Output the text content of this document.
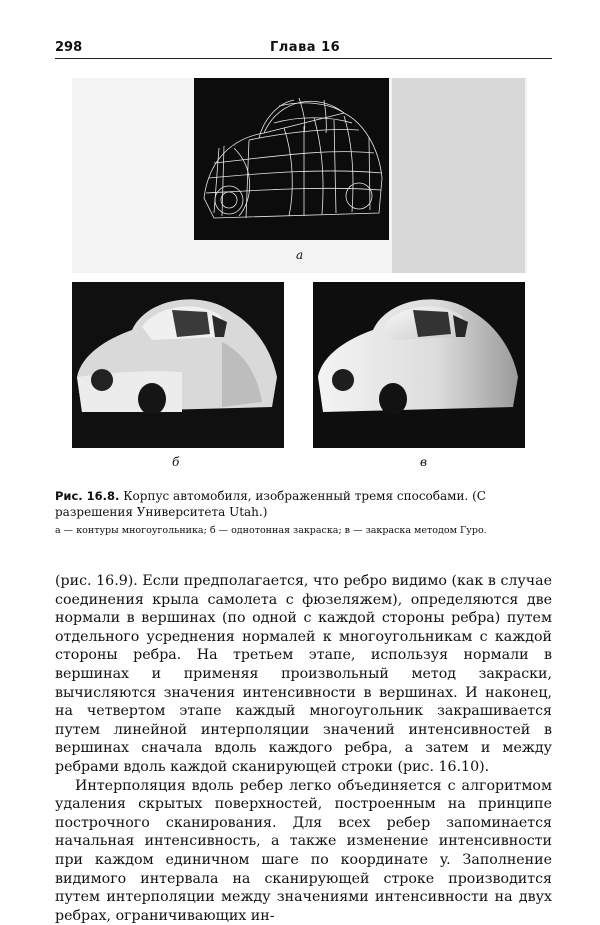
298	Глава 16
а
б	в
Рис. 16.8. Корпус автомобиля, изображенный тремя способами. (С разрешения Университета Utah.)
а — контуры многоугольника; б — однотонная закраска; в — закраска методом Гуро.

(рис. 16.9). Если предполагается, что ребро видимо (как в случае соединения крыла самолета с фюзеляжем), определяются две нормали в вершинах (по одной с каждой стороны ребра) путем отдельного усреднения нормалей к многоугольникам с каждой стороны ребра. На третьем этапе, используя нормали в вершинах и применяя произвольный метод закраски, вычисляются значения интенсивности в вершинах. И наконец, на четвертом этапе каждый многоугольник закрашивается путем линейной интерполяции значений интенсивностей в вершинах сначала вдоль каждого ребра, а затем и между ребрами вдоль каждой сканирующей строки (рис. 16.10).

Интерполяция вдоль ребер легко объединяется с алгоритмом удаления скрытых поверхностей, построенным на принципе построчного сканирования. Для всех ребер запоминается начальная интенсивность, а также изменение интенсивности при каждом единичном шаге по координате y. Заполнение видимого интервала на сканирующей строке производится путем интерполяции между значениями интенсивности на двух ребрах, ограничивающих ин-
